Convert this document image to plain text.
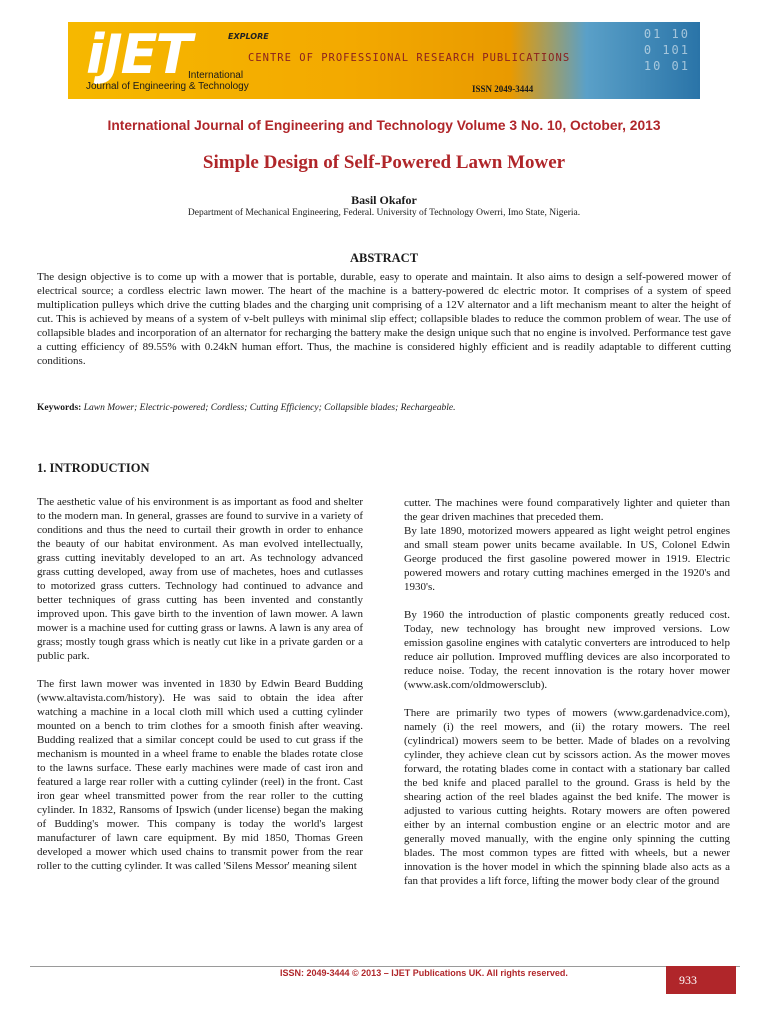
iJET	EXPLORE
CENTRE OF PROFESSIONAL RESEARCH PUBLICATIONS
International
Journal of Engineering & Technology	ISSN 2049-3444
01 10
0 101
10 01
International Journal of Engineering and Technology Volume 3 No. 10, October, 2013
Simple Design of Self-Powered Lawn Mower
Basil Okafor
Department of Mechanical Engineering, Federal. University of Technology Owerri, Imo State, Nigeria.
ABSTRACT

The design objective is to come up with a mower that is portable, durable, easy to operate and maintain. It also aims to design a self-powered mower of electrical source; a cordless electric lawn mower. The heart of the machine is a battery-powered dc electric motor. It comprises of a system of speed multiplication pulleys which drive the cutting blades and the charging unit comprising of a 12V alternator and a lift mechanism meant to alter the height of cut. This is achieved by means of a system of v-belt pulleys with minimal slip effect; collapsible blades to reduce the common problem of wear. The use of collapsible blades and incorporation of an alternator for recharging the battery make the design unique such that no engine is involved. Performance test gave a cutting efficiency of 89.55% with 0.24kN human effort. Thus, the machine is considered highly efficient and is readily adaptable to different cutting conditions.

Keywords: Lawn Mower; Electric-powered; Cordless; Cutting Efficiency; Collapsible blades; Rechargeable.
1. INTRODUCTION

The aesthetic value of his environment is as important as food and shelter to the modern man. In general, grasses are found to survive in a variety of conditions and thus the need to curtail their growth in order to enhance the beauty of our habitat environment. As man evolved intellectually, grass cutting inevitably developed to an art. As technology advanced grass cutting developed, away from use of machetes, hoes and cutlasses to motorized grass cutters. Technology had continued to advance and better techniques of grass cutting has been invented and constantly improved upon. This gave birth to the invention of lawn mower. A lawn mower is a machine used for cutting grass or lawns. A lawn is any area of grass; mostly tough grass which is neatly cut like in a private garden or a public park.

The first lawn mower was invented in 1830 by Edwin Beard Budding (www.altavista.com/history). He was said to obtain the idea after watching a machine in a local cloth mill which used a cutting cylinder mounted on a bench to trim clothes for a smooth finish after weaving. Budding realized that a similar concept could be used to cut grass if the mechanism is mounted in a wheel frame to enable the blades rotate close to the lawns surface. These early machines were made of cast iron and featured a large rear roller with a cutting cylinder (reel) in the front. Cast iron gear wheel transmitted power from the rear roller to the cutting cylinder. In 1832, Ransoms of Ipswich (under license) began the making of Budding's mower. This company is today the world's largest manufacturer of lawn care equipment. By mid 1850, Thomas Green developed a mower which used chains to transmit power from the rear roller to the cutting cylinder. It was called 'Silens Messor' meaning silent

cutter. The machines were found comparatively lighter and quieter than the gear driven machines that preceded them.

By late 1890, motorized mowers appeared as light weight petrol engines and small steam power units became available. In US, Colonel Edwin George produced the first gasoline powered mower in 1919. Electric powered mowers and rotary cutting machines emerged in the 1920's and 1930's.

By 1960 the introduction of plastic components greatly reduced cost. Today, new technology has brought new improved versions. Low emission gasoline engines with catalytic converters are introduced to help reduce air pollution. Improved muffling devices are also incorporated to reduce noise. Today, the recent innovation is the rotary hover mower (www.ask.com/oldmowersclub).

There are primarily two types of mowers (www.gardenadvice.com), namely (i) the reel mowers, and (ii) the rotary mowers. The reel (cylindrical) mowers seem to be better. Made of blades on a revolving cylinder, they achieve clean cut by scissors action. As the mower moves forward, the rotating blades come in contact with a stationary bar called the bed knife and placed parallel to the ground. Grass is held by the shearing action of the reel blades against the bed knife. The mower is adjusted to various cutting heights. Rotary mowers are often powered either by an internal combustion engine or an electric motor and are generally moved manually, with the engine only spinning the cutting blades. The most common types are fitted with wheels, but a newer innovation is the hover model in which the spinning blade also acts as a fan that provides a lift force, lifting the mower body clear of the ground

ISSN: 2049-3444 © 2013 – IJET Publications UK. All rights reserved.	933
